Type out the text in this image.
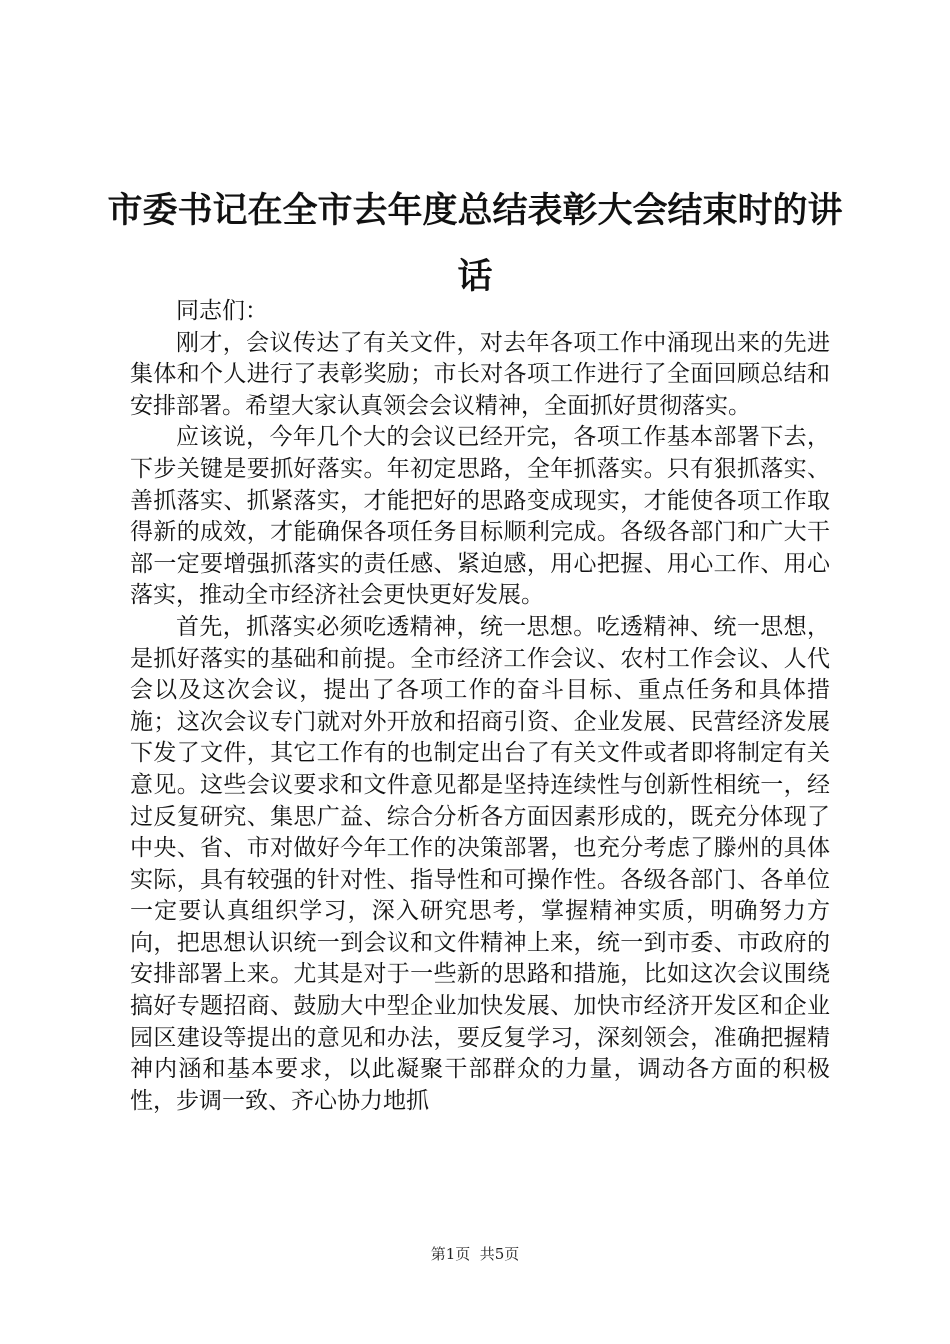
市委书记在全市去年度总结表彰大会结束时的讲话

同志们：

刚才，会议传达了有关文件，对去年各项工作中涌现出来的先进集体和个人进行了表彰奖励；市长对各项工作进行了全面回顾总结和安排部署。希望大家认真领会会议精神，全面抓好贯彻落实。

应该说，今年几个大的会议已经开完，各项工作基本部署下去，下步关键是要抓好落实。年初定思路，全年抓落实。只有狠抓落实、善抓落实、抓紧落实，才能把好的思路变成现实，才能使各项工作取得新的成效，才能确保各项任务目标顺利完成。各级各部门和广大干部一定要增强抓落实的责任感、紧迫感，用心把握、用心工作、用心落实，推动全市经济社会更快更好发展。

首先，抓落实必须吃透精神，统一思想。吃透精神、统一思想，是抓好落实的基础和前提。全市经济工作会议、农村工作会议、人代会以及这次会议，提出了各项工作的奋斗目标、重点任务和具体措施；这次会议专门就对外开放和招商引资、企业发展、民营经济发展下发了文件，其它工作有的也制定出台了有关文件或者即将制定有关意见。这些会议要求和文件意见都是坚持连续性与创新性相统一，经过反复研究、集思广益、综合分析各方面因素形成的，既充分体现了中央、省、市对做好今年工作的决策部署，也充分考虑了滕州的具体实际，具有较强的针对性、指导性和可操作性。各级各部门、各单位一定要认真组织学习，深入研究思考，掌握精神实质，明确努力方向，把思想认识统一到会议和文件精神上来，统一到市委、市政府的安排部署上来。尤其是对于一些新的思路和措施，比如这次会议围绕搞好专题招商、鼓励大中型企业加快发展、加快市经济开发区和企业园区建设等提出的意见和办法，要反复学习，深刻领会，准确把握精神内涵和基本要求，以此凝聚干部群众的力量，调动各方面的积极性，步调一致、齐心协力地抓

第1页  共5页
